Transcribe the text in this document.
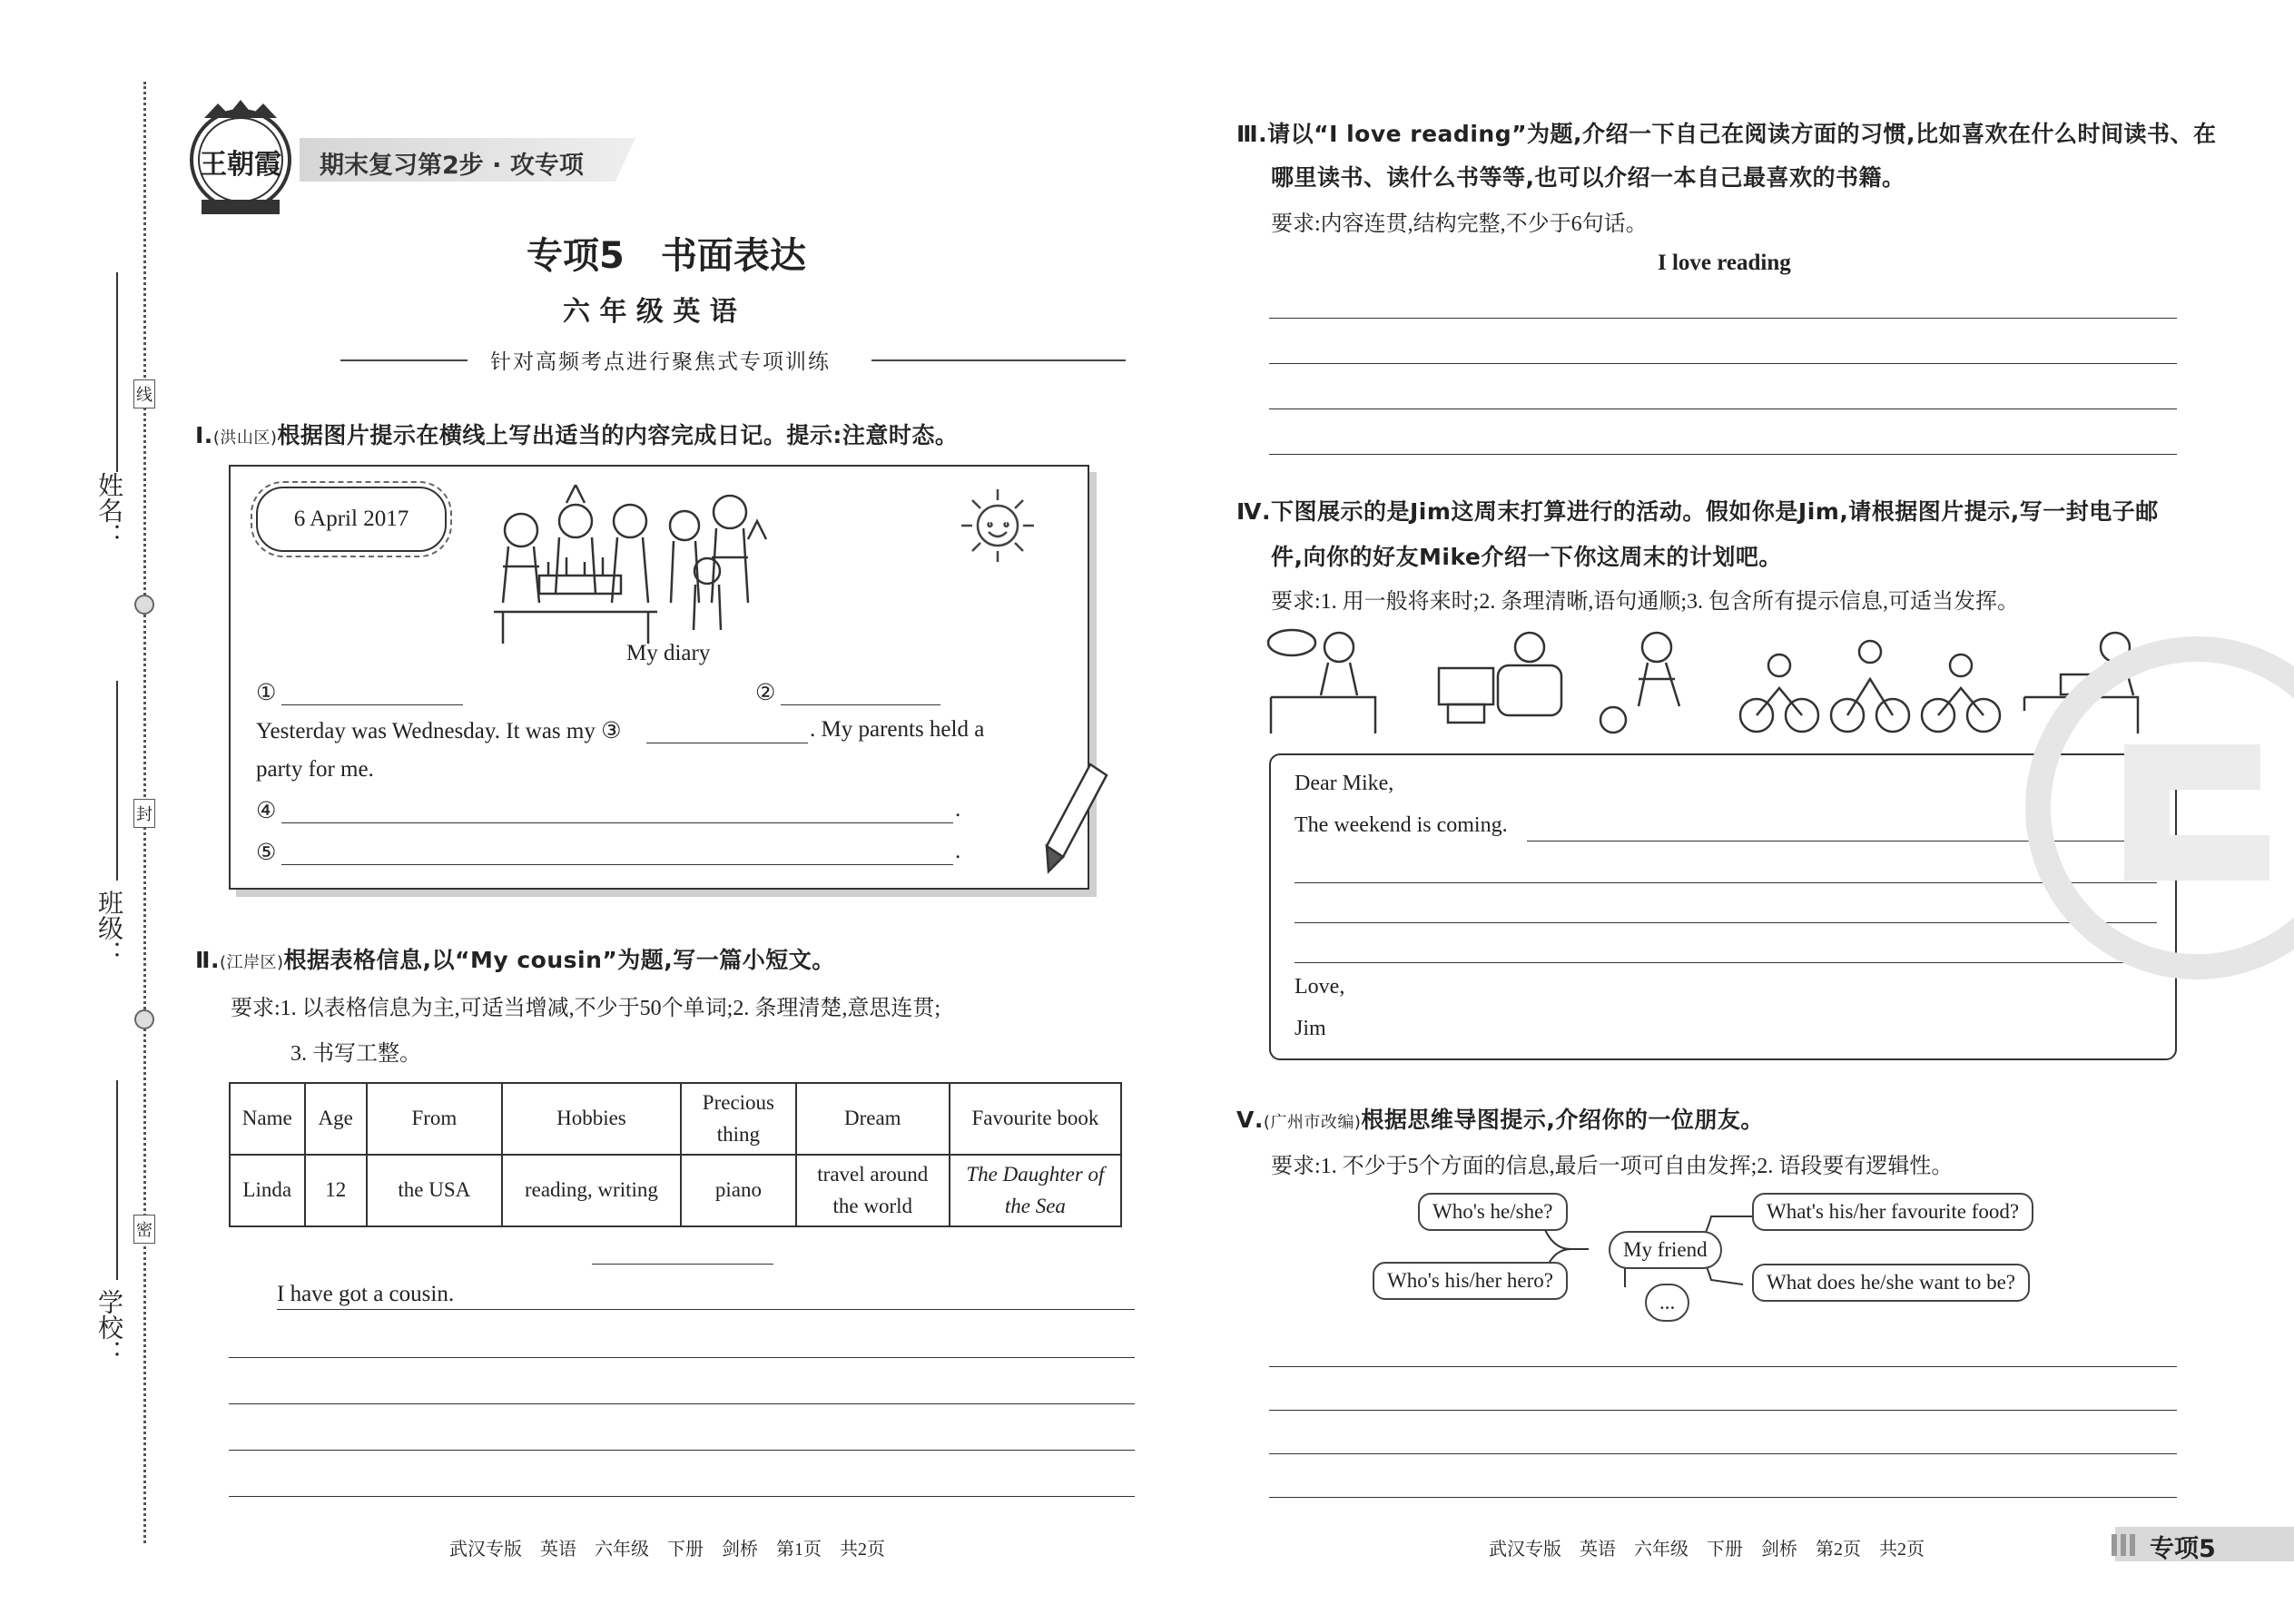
姓名：
班级：
学校：
线
封
密
王朝霞	期末复习第2步 · 攻专项
专项5　书面表达
六 年 级 英 语
针对高频考点进行聚焦式专项训练
Ⅰ.(洪山区)根据图片提示在横线上写出适当的内容完成日记。提示:注意时态。
6 April 2017
My diary
①	②
Yesterday was Wednesday. It was my ③	. My parents held a
party for me.
④	.
⑤	.
Ⅱ.(江岸区)根据表格信息,以“My cousin”为题,写一篇小短文。
要求:1. 以表格信息为主,可适当增减,不少于50个单词;2. 条理清楚,意思连贯;
3. 书写工整。
Name	Age	From	Hobbies	Precious thing	Dream	Favourite book
Linda	12	the USA	reading, writing	piano	travel around the world	The Daughter of the Sea
I have got a cousin.
武汉专版　英语　六年级　下册　剑桥　第1页　共2页
Ⅲ.请以“I love reading”为题,介绍一下自己在阅读方面的习惯,比如喜欢在什么时间读书、在
哪里读书、读什么书等等,也可以介绍一本自己最喜欢的书籍。
要求:内容连贯,结构完整,不少于6句话。
I love reading
Ⅳ.下图展示的是Jim这周末打算进行的活动。假如你是Jim,请根据图片提示,写一封电子邮
件,向你的好友Mike介绍一下你这周末的计划吧。
要求:1. 用一般将来时;2. 条理清晰,语句通顺;3. 包含所有提示信息,可适当发挥。
Dear Mike,
The weekend is coming.
Love,
Jim
Ⅴ.(广州市改编)根据思维导图提示,介绍你的一位朋友。
要求:1. 不少于5个方面的信息,最后一项可自由发挥;2. 语段要有逻辑性。
Who's he/she?
Who's his/her hero?
My friend
...
What's his/her favourite food?
What does he/she want to be?
武汉专版　英语　六年级　下册　剑桥　第2页　共2页	专项5
